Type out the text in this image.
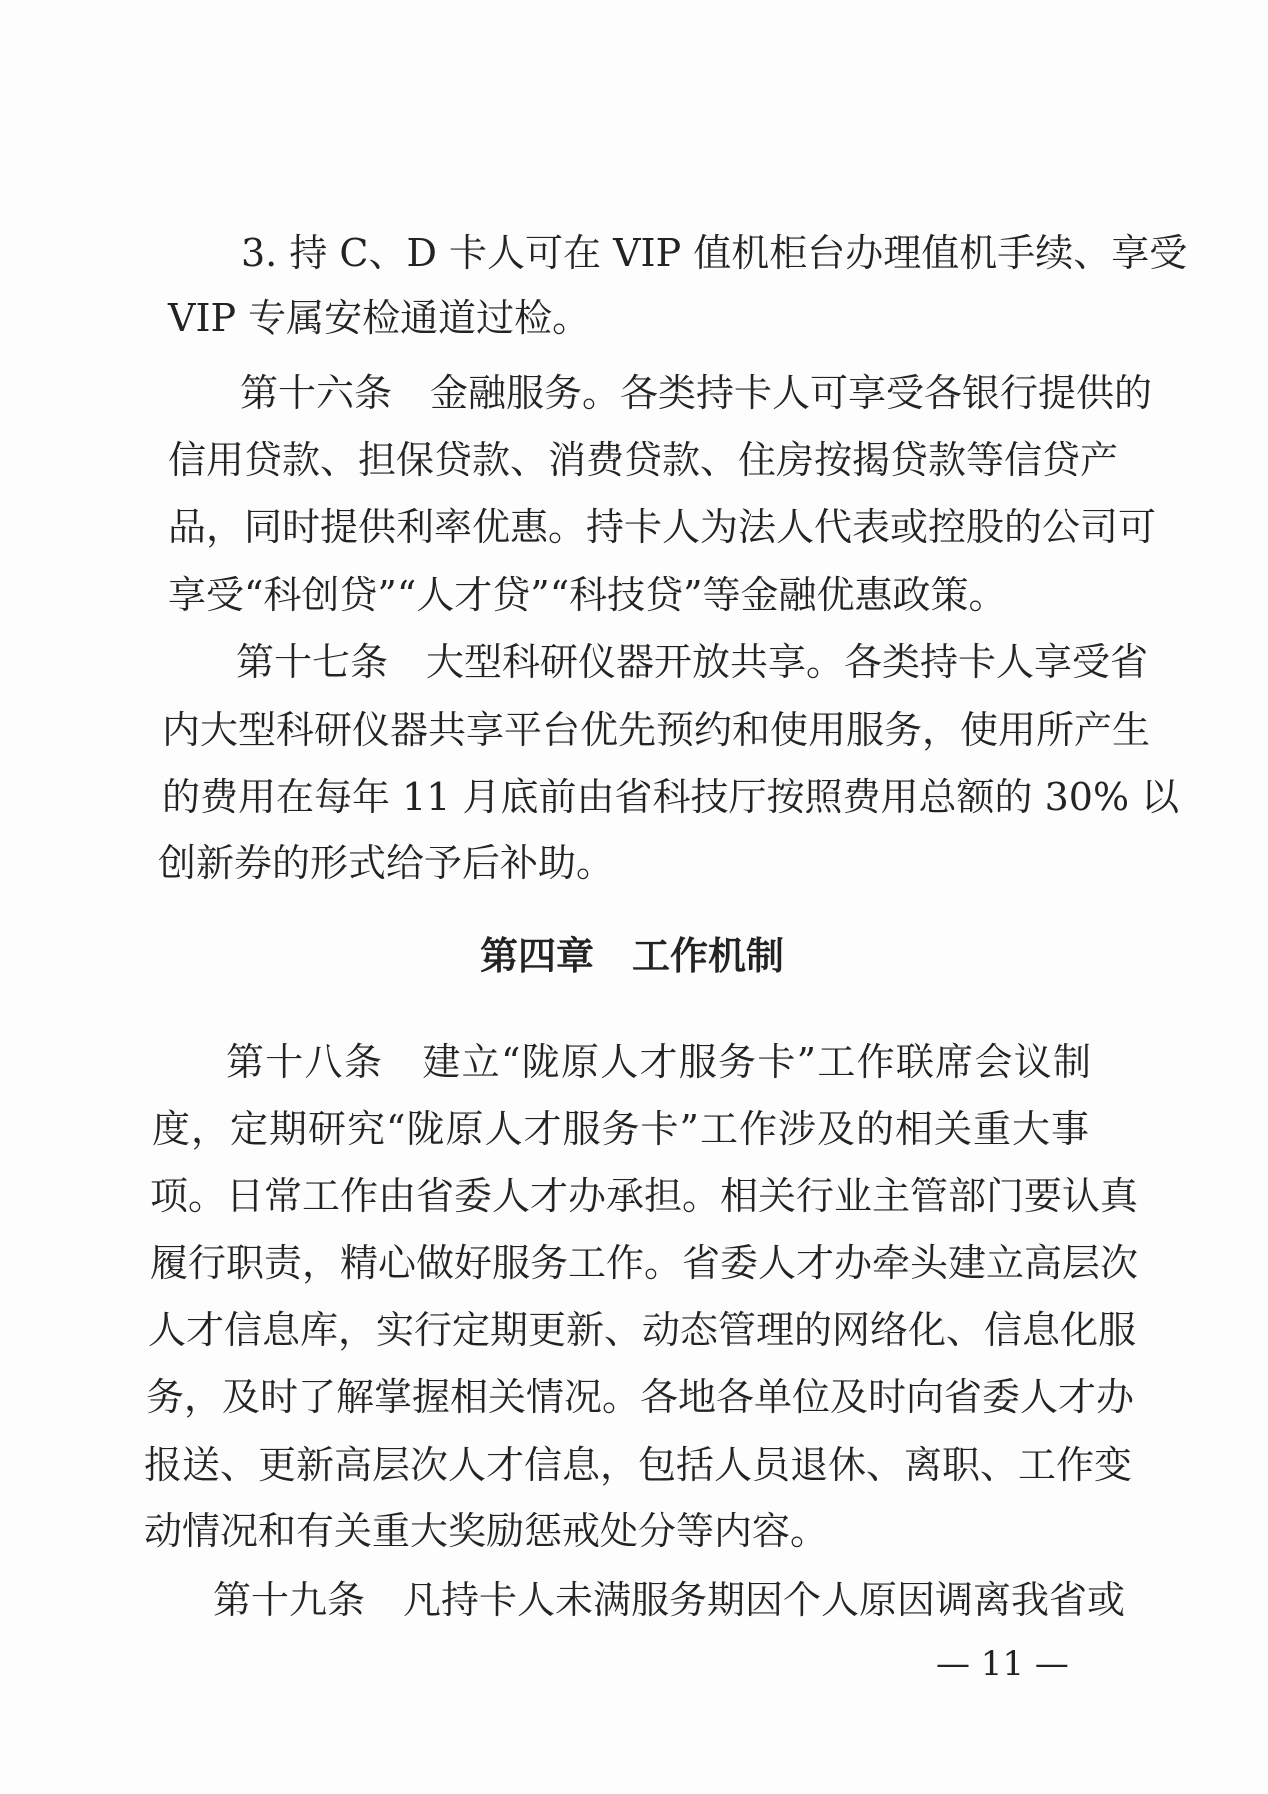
3. 持 C、D 卡人可在 VIP 值机柜台办理值机手续、享受

VIP 专属安检通道过检。

第十六条　金融服务。各类持卡人可享受各银行提供的

信用贷款、担保贷款、消费贷款、住房按揭贷款等信贷产

品，同时提供利率优惠。持卡人为法人代表或控股的公司可

享受“科创贷”“人才贷”“科技贷”等金融优惠政策。

第十七条　大型科研仪器开放共享。各类持卡人享受省

内大型科研仪器共享平台优先预约和使用服务，使用所产生

的费用在每年 11 月底前由省科技厅按照费用总额的 30% 以

创新券的形式给予后补助。

第四章　工作机制

第十八条　建立“陇原人才服务卡”工作联席会议制

度，定期研究“陇原人才服务卡”工作涉及的相关重大事

项。日常工作由省委人才办承担。相关行业主管部门要认真

履行职责，精心做好服务工作。省委人才办牵头建立高层次

人才信息库，实行定期更新、动态管理的网络化、信息化服

务，及时了解掌握相关情况。各地各单位及时向省委人才办

报送、更新高层次人才信息，包括人员退休、离职、工作变

动情况和有关重大奖励惩戒处分等内容。

第十九条　凡持卡人未满服务期因个人原因调离我省或

— 11 —
